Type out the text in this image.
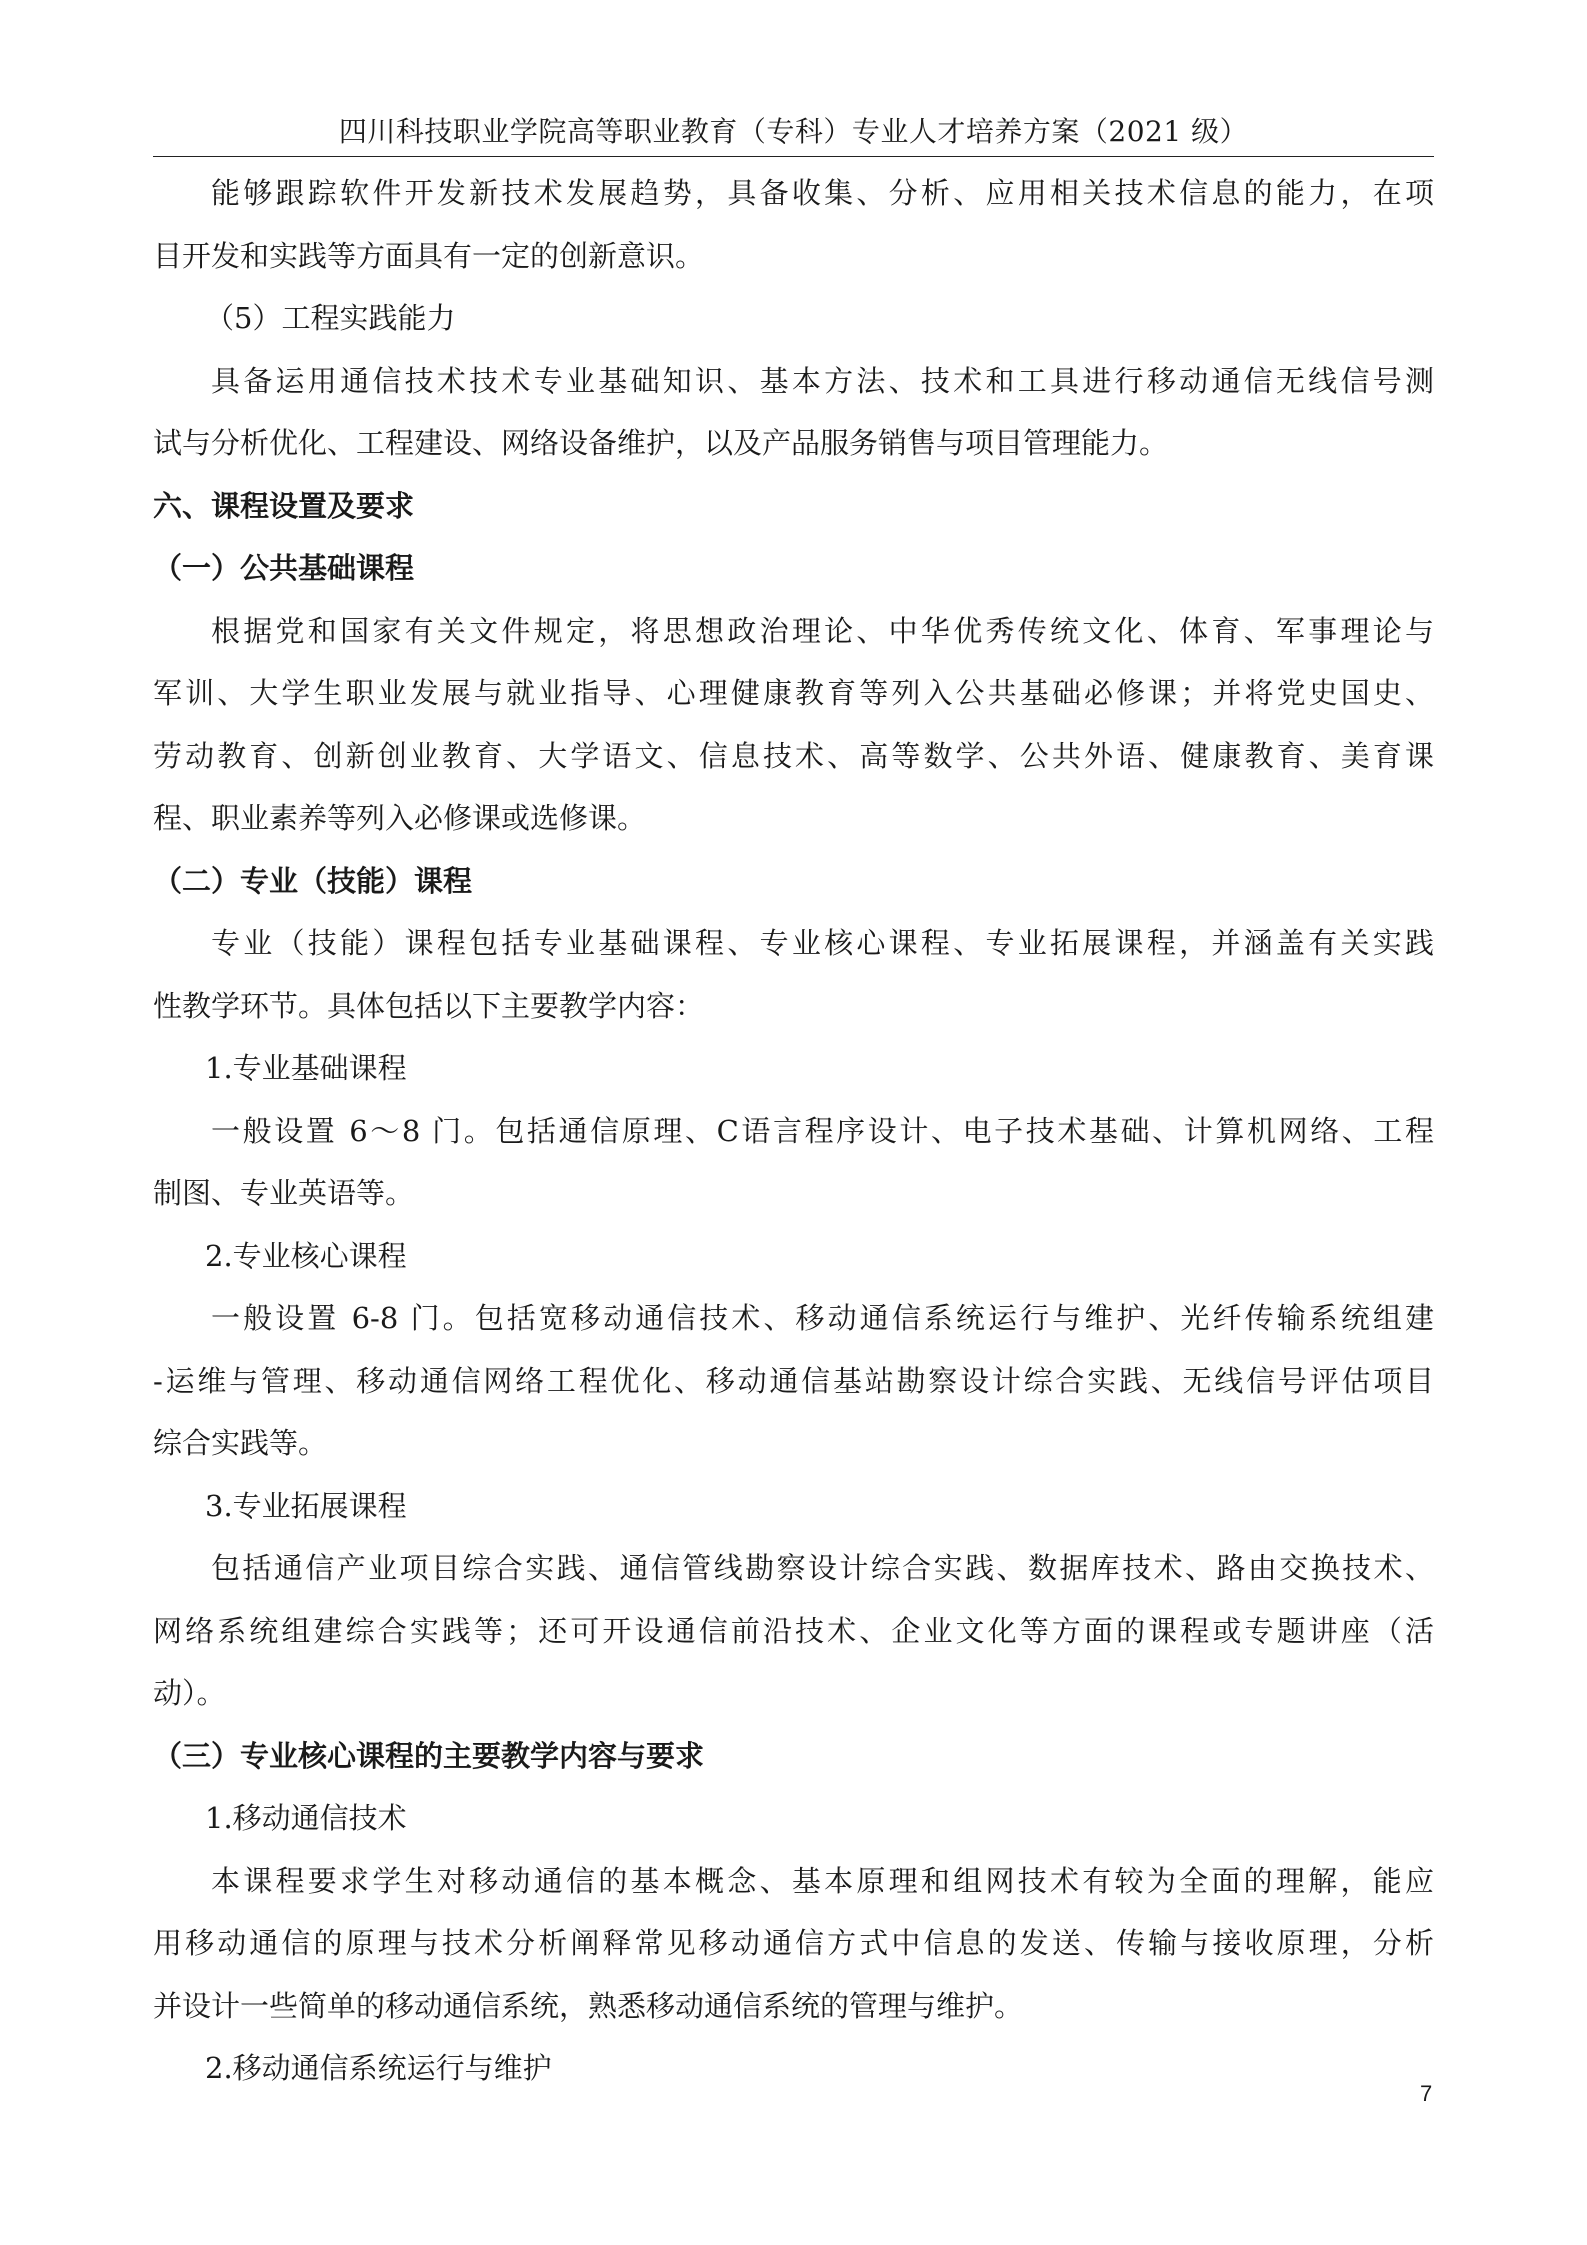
四川科技职业学院高等职业教育（专科）专业人才培养方案（2021 级）
能够跟踪软件开发新技术发展趋势，具备收集、分析、应用相关技术信息的能力，在项
目开发和实践等方面具有一定的创新意识。
（5）工程实践能力
具备运用通信技术技术专业基础知识、基本方法、技术和工具进行移动通信无线信号测
试与分析优化、工程建设、网络设备维护，以及产品服务销售与项目管理能力。
六、课程设置及要求
（一）公共基础课程
根据党和国家有关文件规定，将思想政治理论、中华优秀传统文化、体育、军事理论与
军训、大学生职业发展与就业指导、心理健康教育等列入公共基础必修课；并将党史国史、
劳动教育、创新创业教育、大学语文、信息技术、高等数学、公共外语、健康教育、美育课
程、职业素养等列入必修课或选修课。
（二）专业（技能）课程
专业（技能）课程包括专业基础课程、专业核心课程、专业拓展课程，并涵盖有关实践
性教学环节。具体包括以下主要教学内容：
1.专业基础课程
一般设置 6～8 门。包括通信原理、C语言程序设计、电子技术基础、计算机网络、工程
制图、专业英语等。
2.专业核心课程
一般设置 6-8 门。包括宽移动通信技术、移动通信系统运行与维护、光纤传输系统组建
-运维与管理、移动通信网络工程优化、移动通信基站勘察设计综合实践、无线信号评估项目
综合实践等。
3.专业拓展课程
包括通信产业项目综合实践、通信管线勘察设计综合实践、数据库技术、路由交换技术、
网络系统组建综合实践等；还可开设通信前沿技术、企业文化等方面的课程或专题讲座（活
动）。
（三）专业核心课程的主要教学内容与要求
1.移动通信技术
本课程要求学生对移动通信的基本概念、基本原理和组网技术有较为全面的理解，能应
用移动通信的原理与技术分析阐释常见移动通信方式中信息的发送、传输与接收原理，分析
并设计一些简单的移动通信系统，熟悉移动通信系统的管理与维护。
2.移动通信系统运行与维护
7
